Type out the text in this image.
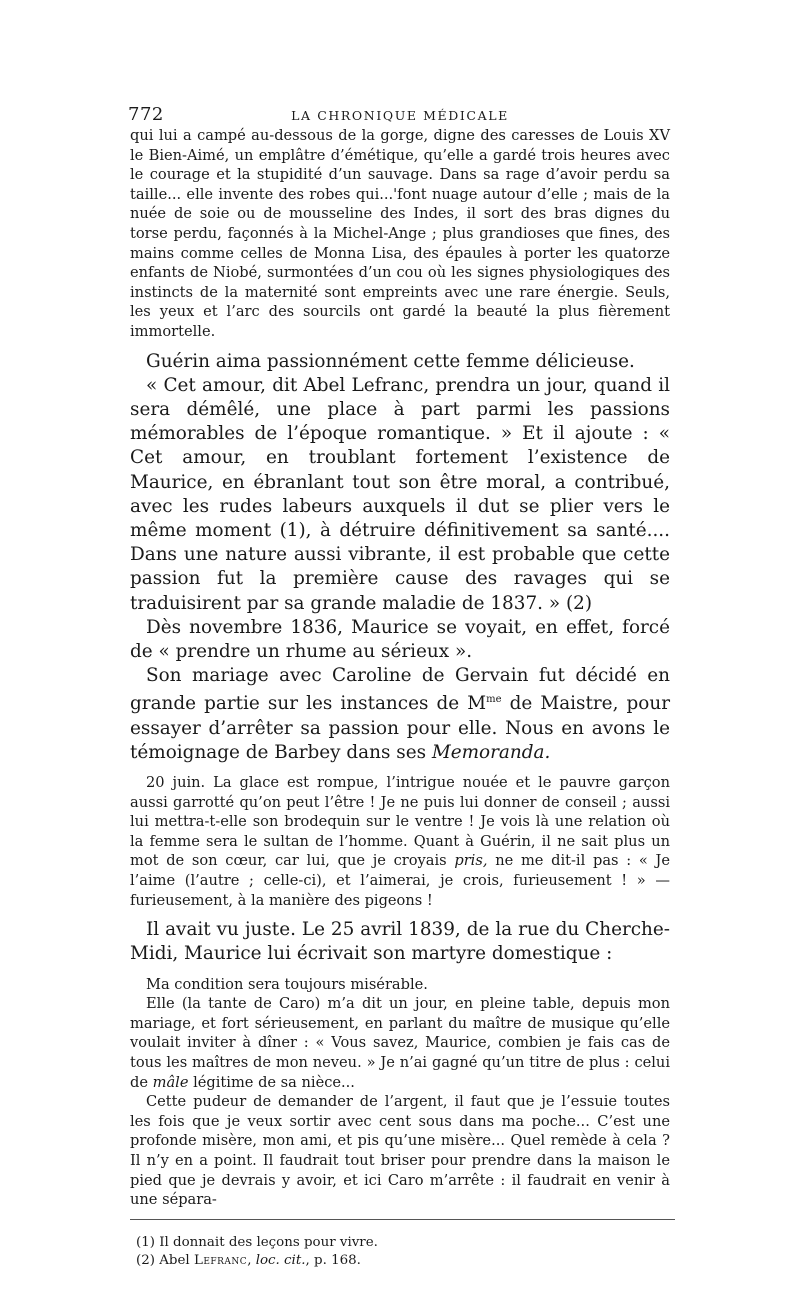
772	LA CHRONIQUE MÉDICALE

qui lui a campé au-dessous de la gorge, digne des caresses de Louis XV le Bien-Aimé, un emplâtre d’émétique, qu’elle a gardé trois heures avec le courage et la stupidité d’un sauvage. Dans sa rage d’avoir perdu sa taille... elle invente des robes qui...'font nuage autour d’elle ; mais de la nuée de soie ou de mousseline des Indes, il sort des bras dignes du torse perdu, façonnés à la Michel-Ange ; plus grandioses que fines, des mains comme celles de Monna Lisa, des épaules à porter les quatorze enfants de Niobé, surmontées d’un cou où les signes physiologiques des instincts de la maternité sont empreints avec une rare énergie. Seuls, les yeux et l’arc des sourcils ont gardé la beauté la plus fièrement immortelle.

Guérin aima passionnément cette femme délicieuse.

« Cet amour, dit Abel Lefranc, prendra un jour, quand il sera démêlé, une place à part parmi les passions mémorables de l’époque romantique. » Et il ajoute : « Cet amour, en troublant fortement l’existence de Maurice, en ébranlant tout son être moral, a contribué, avec les rudes labeurs auxquels il dut se plier vers le même moment (1), à détruire définitivement sa santé.... Dans une nature aussi vibrante, il est probable que cette passion fut la première cause des ravages qui se traduisirent par sa grande maladie de 1837. » (2)

Dès novembre 1836, Maurice se voyait, en effet, forcé de « prendre un rhume au sérieux ».

Son mariage avec Caroline de Gervain fut décidé en grande partie sur les instances de $M^{me}$ de Maistre, pour essayer d’arrêter sa passion pour elle. Nous en avons le témoignage de Barbey dans ses Memoranda.

20 juin. La glace est rompue, l’intrigue nouée et le pauvre garçon aussi garrotté qu’on peut l’être ! Je ne puis lui donner de conseil ; aussi lui mettra-t-elle son brodequin sur le ventre ! Je vois là une relation où la femme sera le sultan de l’homme. Quant à Guérin, il ne sait plus un mot de son cœur, car lui, que je croyais pris, ne me dit-il pas : « Je l’aime (l’autre ; celle-ci), et l’aimerai, je crois, furieusement ! » —furieusement, à la manière des pigeons !

Il avait vu juste. Le 25 avril 1839, de la rue du Cherche-Midi, Maurice lui écrivait son martyre domestique :

Ma condition sera toujours misérable.

Elle (la tante de Caro) m’a dit un jour, en pleine table, depuis mon mariage, et fort sérieusement, en parlant du maître de musique qu’elle voulait inviter à dîner : « Vous savez, Maurice, combien je fais cas de tous les maîtres de mon neveu. » Je n’ai gagné qu’un titre de plus : celui de mâle légitime de sa nièce...

Cette pudeur de demander de l’argent, il faut que je l’essuie toutes les fois que je veux sortir avec cent sous dans ma poche... C’est une profonde misère, mon ami, et pis qu’une misère... Quel remède à cela ? Il n’y en a point. Il faudrait tout briser pour prendre dans la maison le pied que je devrais y avoir, et ici Caro m’arrête : il faudrait en venir à une sépara-

(1) Il donnait des leçons pour vivre.
(2) Abel Lefranc, loc. cit., p. 168.
